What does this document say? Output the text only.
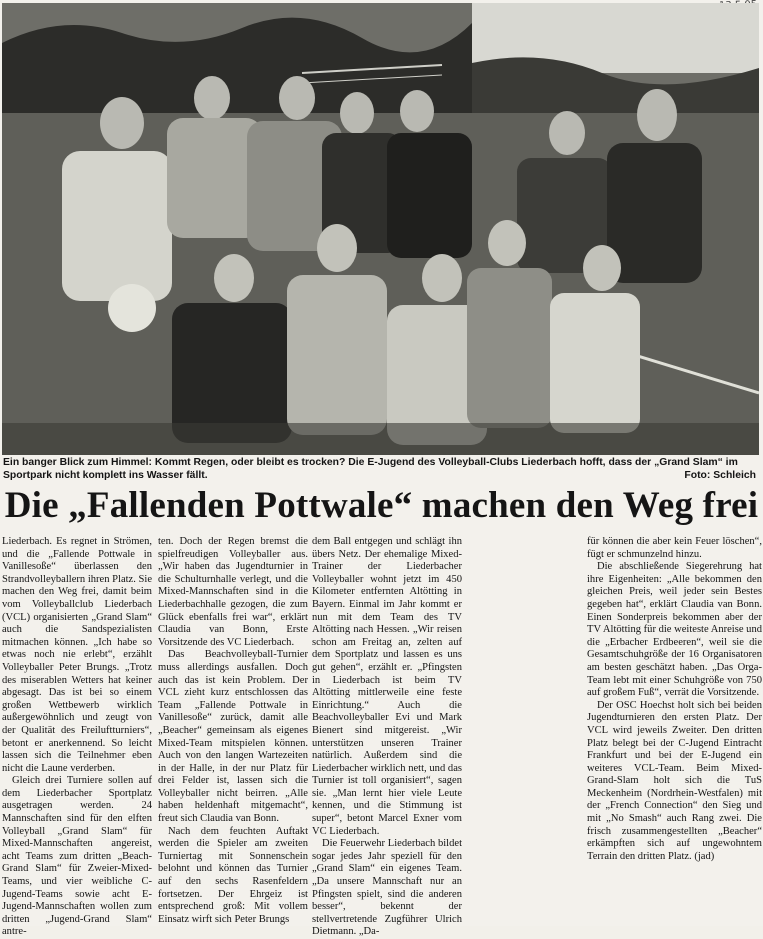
Ein banger Blick zum Himmel: Kommt Regen, oder bleibt es trocken? Die E-Jugend des Volleyball-Clubs Liederbach hofft, dass der „Grand Slam“ im Sportpark nicht komplett ins Wasser fällt.	Foto: Schleich
Die „Fallenden Pottwale“ machen den Weg frei

Liederbach. Es regnet in Strömen, und die „Fallende Pottwale in Vanillesoße“ überlassen den Strandvolleyballern ihren Platz. Sie machen den Weg frei, damit beim vom Volleyballclub Liederbach (VCL) organisierten „Grand Slam“ auch die Sandspezialisten mitmachen können. „Ich habe so etwas noch nie erlebt“, erzählt Volleyballer Peter Brungs. „Trotz des miserablen Wetters hat keiner abgesagt. Das ist bei so einem großen Wettbewerb wirklich außergewöhnlich und zeugt von der Qualität des Freiluftturniers“, betont er anerkennend. So leicht lassen sich die Teilnehmer eben nicht die Laune verderben.

Gleich drei Turniere sollen auf dem Liederbacher Sportplatz ausgetragen werden. 24 Mannschaften sind für den elften Volleyball „Grand Slam“ für Mixed-Mannschaften angereist, acht Teams zum dritten „Beach-Grand Slam“ für Zweier-Mixed-Teams, und vier weibliche C-Jugend-Teams sowie acht E-Jugend-Mannschaften wollen zum dritten „Jugend-Grand Slam“ antre-

ten. Doch der Regen bremst die spielfreudigen Volleyballer aus. „Wir haben das Jugendturnier in die Schulturnhalle verlegt, und die Mixed-Mannschaften sind in die Liederbachhalle gezogen, die zum Glück ebenfalls frei war“, erklärt Claudia van Bonn, Erste Vorsitzende des VC Liederbach.

Das Beachvolleyball-Turnier muss allerdings ausfallen. Doch auch das ist kein Problem. Der VCL zieht kurz entschlossen das Team „Fallende Pottwale in Vanillesoße“ zurück, damit alle „Beacher“ gemeinsam als eigenes Mixed-Team mitspielen können. Auch von den langen Wartezeiten in der Halle, in der nur Platz für drei Felder ist, lassen sich die Volleyballer nicht beirren. „Alle haben heldenhaft mitgemacht“, freut sich Claudia van Bonn.

Nach dem feuchten Auftakt werden die Spieler am zweiten Turniertag mit Sonnenschein belohnt und können das Turnier auf den sechs Rasenfeldern fortsetzen. Der Ehrgeiz ist entsprechend groß: Mit vollem Einsatz wirft sich Peter Brungs

dem Ball entgegen und schlägt ihn übers Netz. Der ehemalige Mixed-Trainer der Liederbacher Volleyballer wohnt jetzt im 450 Kilometer entfernten Altötting in Bayern. Einmal im Jahr kommt er nun mit dem Team des TV Altötting nach Hessen. „Wir reisen schon am Freitag an, zelten auf dem Sportplatz und lassen es uns gut gehen“, erzählt er. „Pfingsten in Liederbach ist beim TV Altötting mittlerweile eine feste Einrichtung.“ Auch die Beachvolleyballer Evi und Mark Bienert sind mitgereist. „Wir unterstützen unseren Trainer natürlich. Außerdem sind die Liederbacher wirklich nett, und das Turnier ist toll organisiert“, sagen sie. „Man lernt hier viele Leute kennen, und die Stimmung ist super“, betont Marcel Exner vom VC Liederbach.

Die Feuerwehr Liederbach bildet sogar jedes Jahr speziell für den „Grand Slam“ ein eigenes Team. „Da unsere Mannschaft nur an Pfingsten spielt, sind die anderen besser“, bekennt der stellvertretende Zugführer Ulrich Dietmann. „Da-

für können die aber kein Feuer löschen“, fügt er schmunzelnd hinzu.

Die abschließende Siegerehrung hat ihre Eigenheiten: „Alle bekommen den gleichen Preis, weil jeder sein Bestes gegeben hat“, erklärt Claudia van Bonn. Einen Sonderpreis bekommen aber der TV Altötting für die weiteste Anreise und die „Erbacher Erdbeeren“, weil sie die Gesamtschuhgröße der 16 Organisatoren am besten geschätzt haben. „Das Orga-Team lebt mit einer Schuhgröße von 750 auf großem Fuß“, verrät die Vorsitzende.

Der OSC Hoechst holt sich bei beiden Jugendturnieren den ersten Platz. Der VCL wird jeweils Zweiter. Den dritten Platz belegt bei der C-Jugend Eintracht Frankfurt und bei der E-Jugend ein weiteres VCL-Team. Beim Mixed-Grand-Slam holt sich die TuS Meckenheim (Nordrhein-Westfalen) mit der „French Connection“ den Sieg und mit „No Smash“ auch Rang zwei. Die frisch zusammengestellten „Beacher“ erkämpften sich auf ungewohntem Terrain den dritten Platz. (jad)
